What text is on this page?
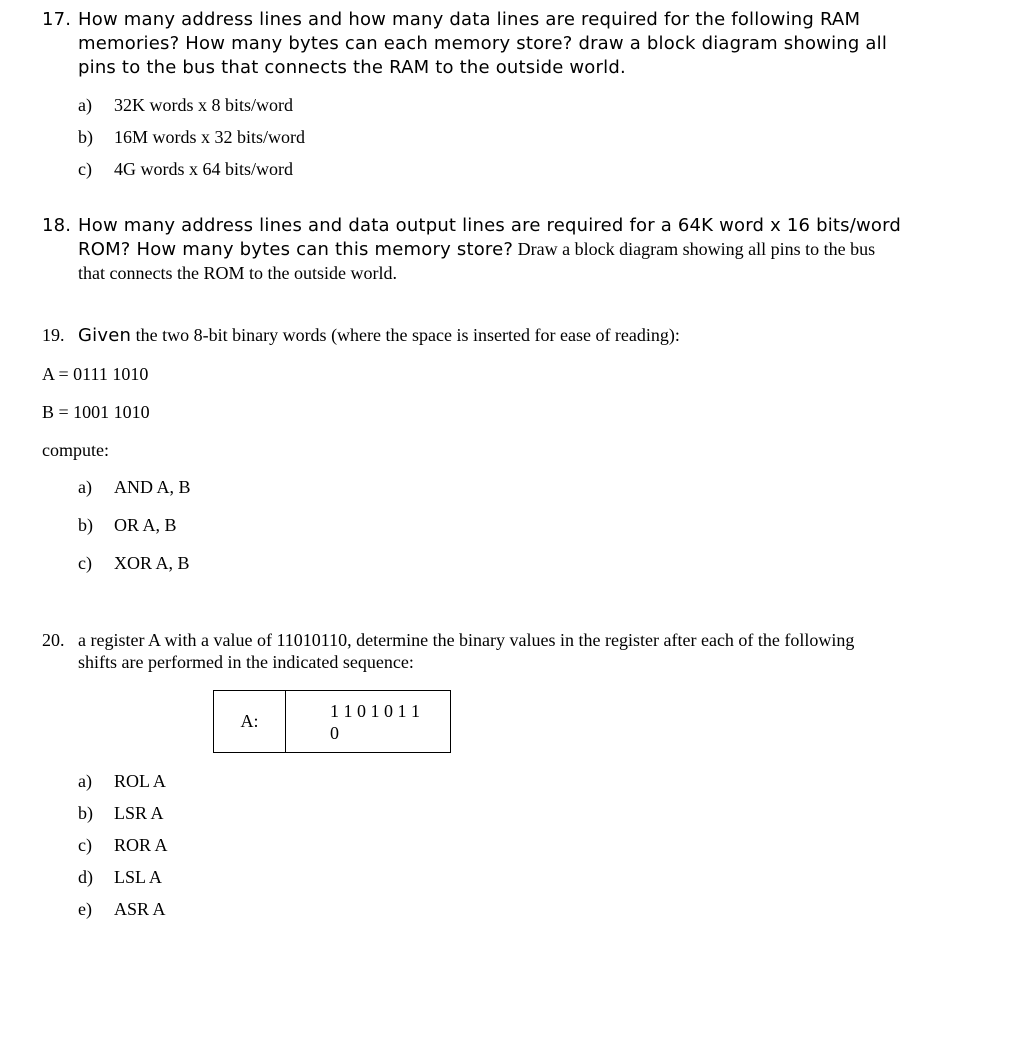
17. How many address lines and how many data lines are required for the following RAM
memories? How many bytes can each memory store? draw a block diagram showing all
pins to the bus that connects the RAM to the outside world.
a) 32K words x 8 bits/word
b) 16M words x 32 bits/word
c) 4G words x 64 bits/word
18. How many address lines and data output lines are required for a 64K word x 16 bits/word
ROM? How many bytes can this memory store? Draw a block diagram showing all pins to the bus
that connects the ROM to the outside world.
19. Given the two 8-bit binary words (where the space is inserted for ease of reading):
A = 0111 1010
B = 1001 1010
compute:
a) AND A, B
b) OR A, B
c) XOR A, B
20. a register A with a value of 11010110, determine the binary values in the register after each of the following
shifts are performed in the indicated sequence:
A:	
1 1 0 1 0 1 1
0
a) ROL A
b) LSR A
c) ROR A
d) LSL A
e) ASR A
